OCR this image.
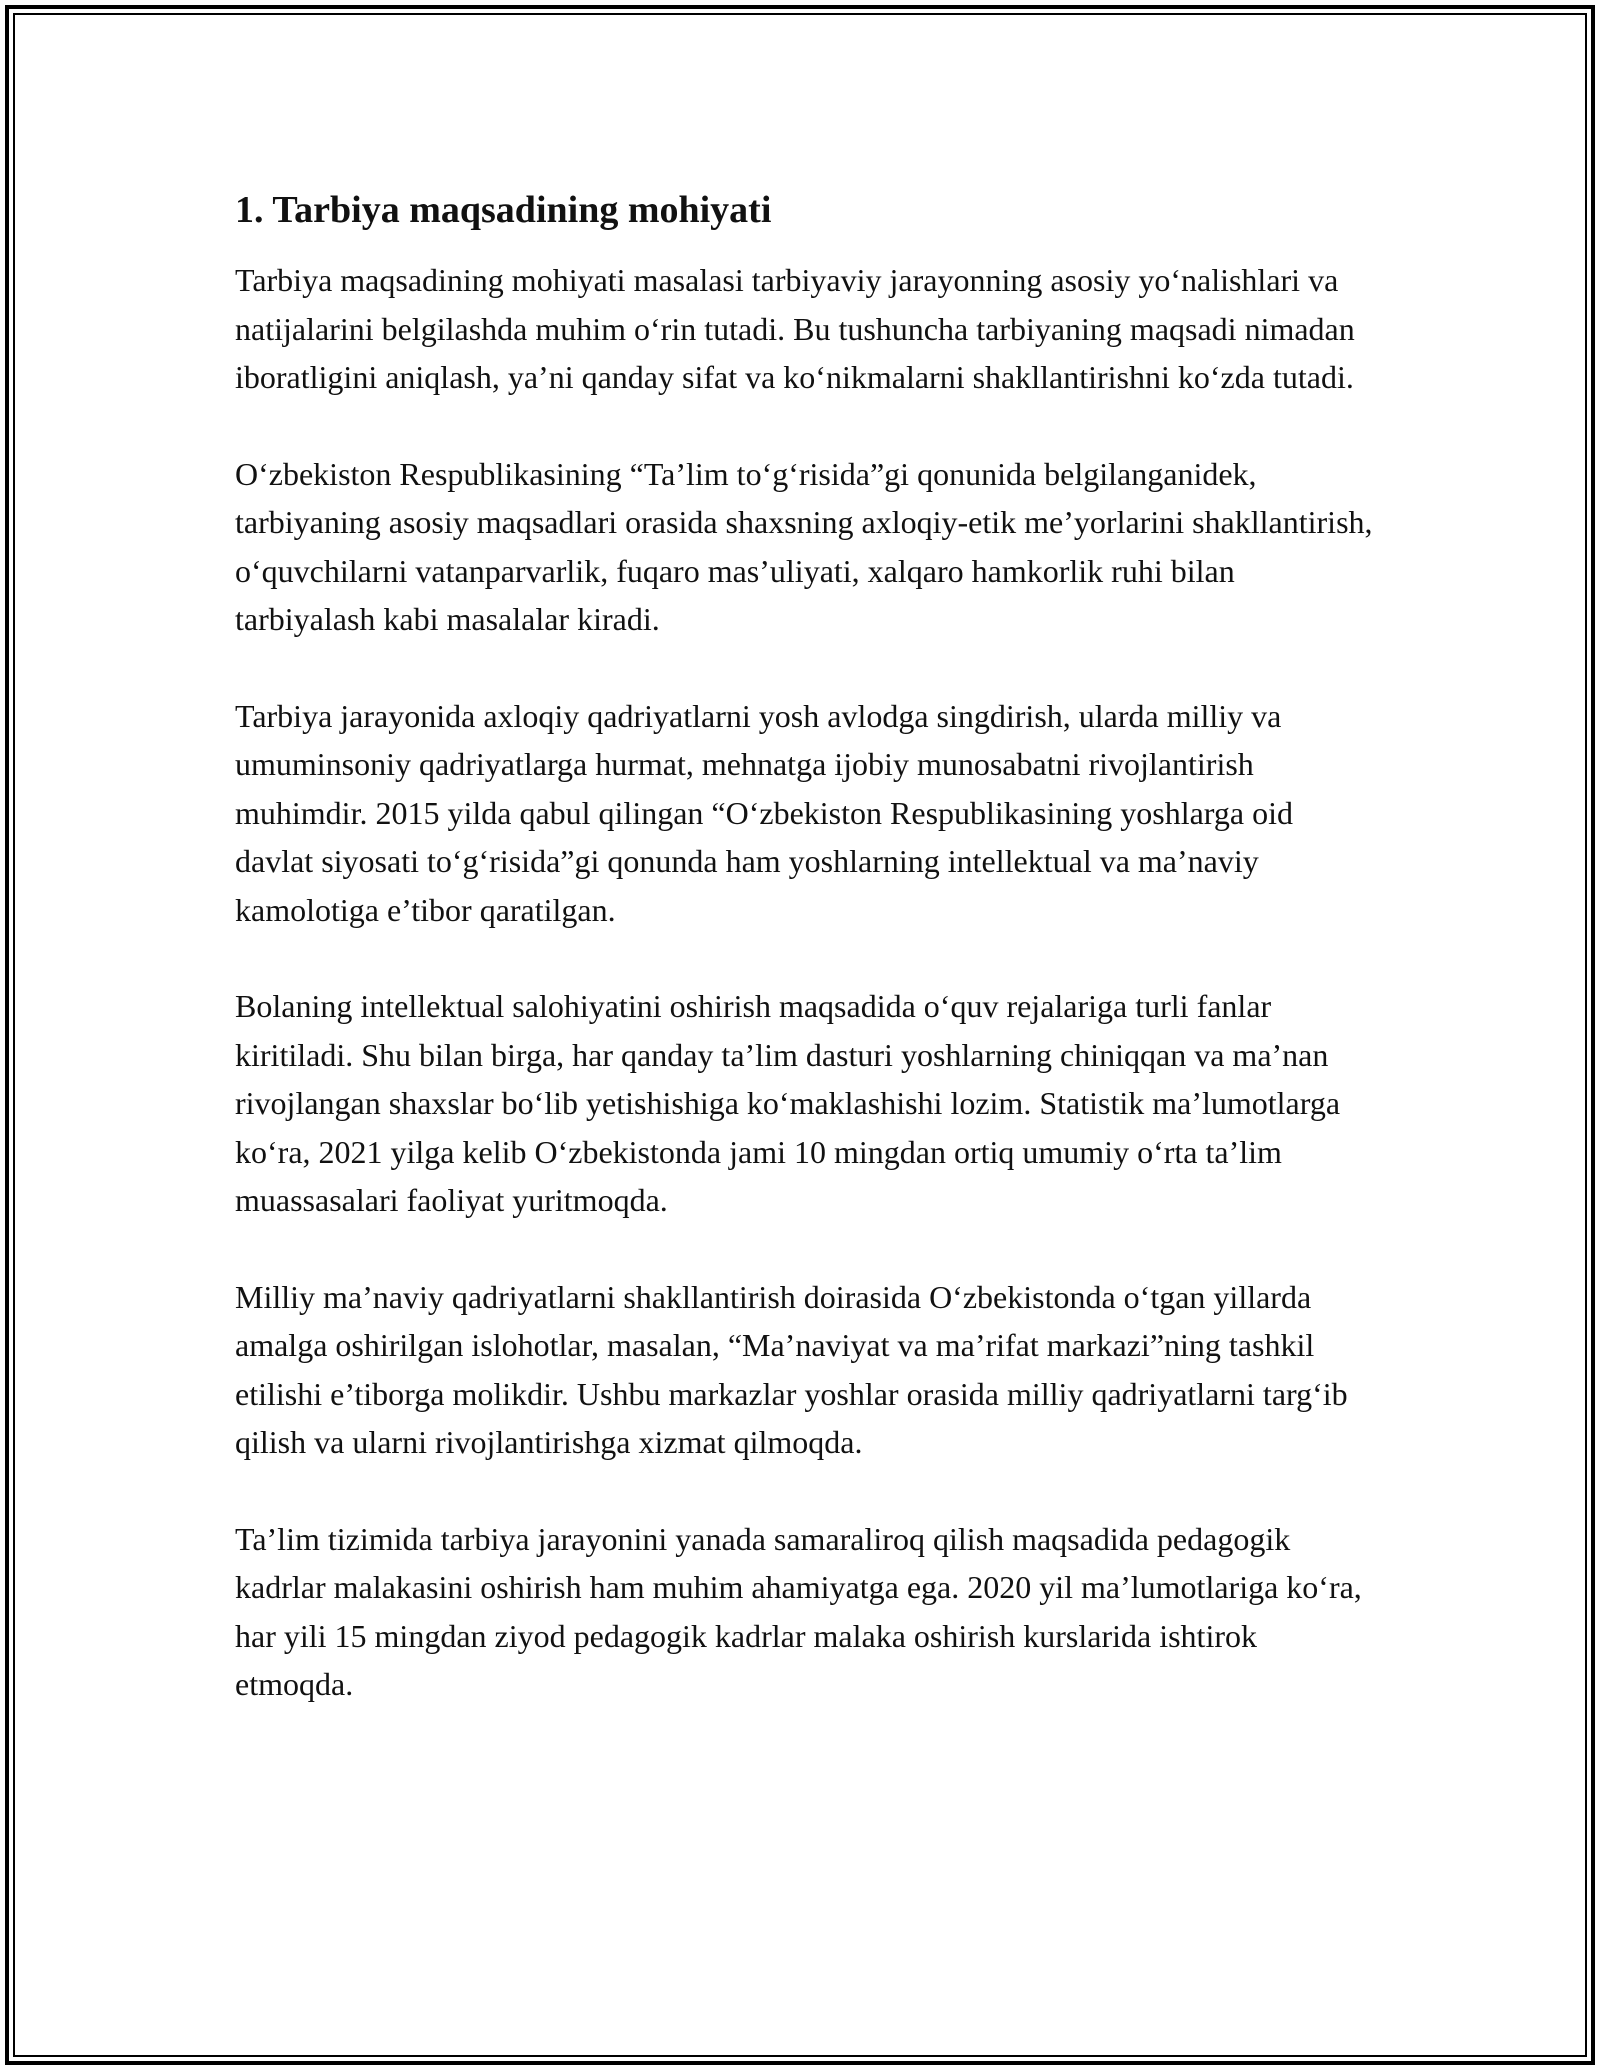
1. Tarbiya maqsadining mohiyati

Tarbiya maqsadining mohiyati masalasi tarbiyaviy jarayonning asosiy yo‘nalishlari va natijalarini belgilashda muhim o‘rin tutadi. Bu tushuncha tarbiyaning maqsadi nimadan iboratligini aniqlash, ya’ni qanday sifat va ko‘nikmalarni shakllantirishni ko‘zda tutadi.

O‘zbekiston Respublikasining “Ta’lim to‘g‘risida”gi qonunida belgilanganidek, tarbiyaning asosiy maqsadlari orasida shaxsning axloqiy-etik me’yorlarini shakllantirish, o‘quvchilarni vatanparvarlik, fuqaro mas’uliyati, xalqaro hamkorlik ruhi bilan tarbiyalash kabi masalalar kiradi.

Tarbiya jarayonida axloqiy qadriyatlarni yosh avlodga singdirish, ularda milliy va umuminsoniy qadriyatlarga hurmat, mehnatga ijobiy munosabatni rivojlantirish muhimdir. 2015 yilda qabul qilingan “O‘zbekiston Respublikasining yoshlarga oid davlat siyosati to‘g‘risida”gi qonunda ham yoshlarning intellektual va ma’naviy kamolotiga e’tibor qaratilgan.

Bolaning intellektual salohiyatini oshirish maqsadida o‘quv rejalariga turli fanlar kiritiladi. Shu bilan birga, har qanday ta’lim dasturi yoshlarning chiniqqan va ma’nan rivojlangan shaxslar bo‘lib yetishishiga ko‘maklashishi lozim. Statistik ma’lumotlarga ko‘ra, 2021 yilga kelib O‘zbekistonda jami 10 mingdan ortiq umumiy o‘rta ta’lim muassasalari faoliyat yuritmoqda.

Milliy ma’naviy qadriyatlarni shakllantirish doirasida O‘zbekistonda o‘tgan yillarda amalga oshirilgan islohotlar, masalan, “Ma’naviyat va ma’rifat markazi”ning tashkil etilishi e’tiborga molikdir. Ushbu markazlar yoshlar orasida milliy qadriyatlarni targ‘ib qilish va ularni rivojlantirishga xizmat qilmoqda.

Ta’lim tizimida tarbiya jarayonini yanada samaraliroq qilish maqsadida pedagogik kadrlar malakasini oshirish ham muhim ahamiyatga ega. 2020 yil ma’lumotlariga ko‘ra, har yili 15 mingdan ziyod pedagogik kadrlar malaka oshirish kurslarida ishtirok etmoqda.
